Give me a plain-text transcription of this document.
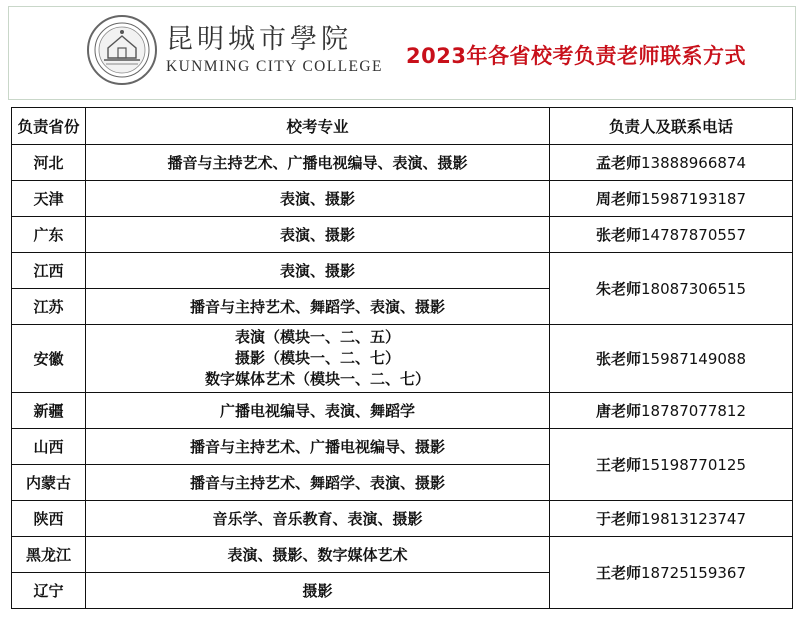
昆明城市學院
KUNMING CITY COLLEGE 2023年各省校考负责老师联系方式
负责省份	校考专业	负责人及联系电话
河北	播音与主持艺术、广播电视编导、表演、摄影	孟老师13888966874
天津	表演、摄影	周老师15987193187
广东	表演、摄影	张老师14787870557
江西	表演、摄影	朱老师18087306515
江苏	播音与主持艺术、舞蹈学、表演、摄影	
安徽	表演（模块一、二、五）
摄影（模块一、二、七）
数字媒体艺术（模块一、二、七）	张老师15987149088
新疆	广播电视编导、表演、舞蹈学	唐老师18787077812
山西	播音与主持艺术、广播电视编导、摄影	王老师15198770125
内蒙古	播音与主持艺术、舞蹈学、表演、摄影	
陕西	音乐学、音乐教育、表演、摄影	于老师19813123747
黑龙江	表演、摄影、数字媒体艺术	王老师18725159367
辽宁	摄影	
